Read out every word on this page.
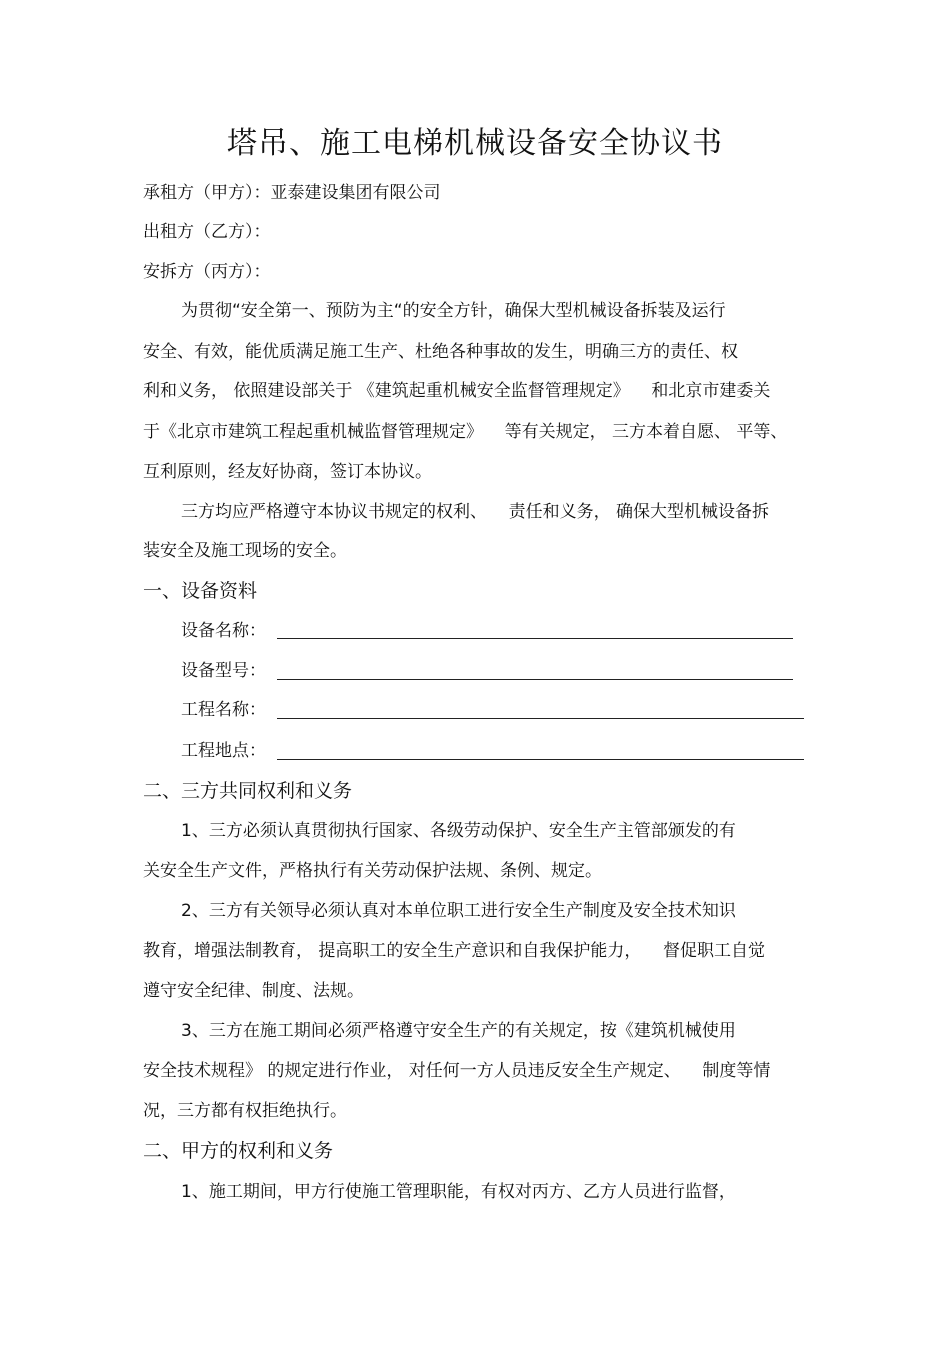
塔吊、施工电梯机械设备安全协议书
承租方（甲方）：亚泰建设集团有限公司
出租方（乙方）：
安拆方（丙方）：
为贯彻“安全第一、预防为主“的安全方针，确保大型机械设备拆装及运行
安全、有效，能优质满足施工生产、杜绝各种事故的发生，明确三方的责任、权
利和义务， 依照建设部关于 《建筑起重机械安全监督管理规定》    和北京市建委关
于《北京市建筑工程起重机械监督管理规定》    等有关规定， 三方本着自愿、 平等、
互利原则，经友好协商，签订本协议。
三方均应严格遵守本协议书规定的权利、    责任和义务， 确保大型机械设备拆
装安全及施工现场的安全。
一、设备资料
设备名称：
设备型号：
工程名称：
工程地点：
二、三方共同权利和义务
1、三方必须认真贯彻执行国家、各级劳动保护、安全生产主管部颁发的有
关安全生产文件，严格执行有关劳动保护法规、条例、规定。
2、三方有关领导必须认真对本单位职工进行安全生产制度及安全技术知识
教育，增强法制教育， 提高职工的安全生产意识和自我保护能力，    督促职工自觉
遵守安全纪律、制度、法规。
3、三方在施工期间必须严格遵守安全生产的有关规定，按《建筑机械使用
安全技术规程》 的规定进行作业， 对任何一方人员违反安全生产规定、    制度等情
况，三方都有权拒绝执行。
二、甲方的权利和义务
1、施工期间，甲方行使施工管理职能，有权对丙方、乙方人员进行监督，
